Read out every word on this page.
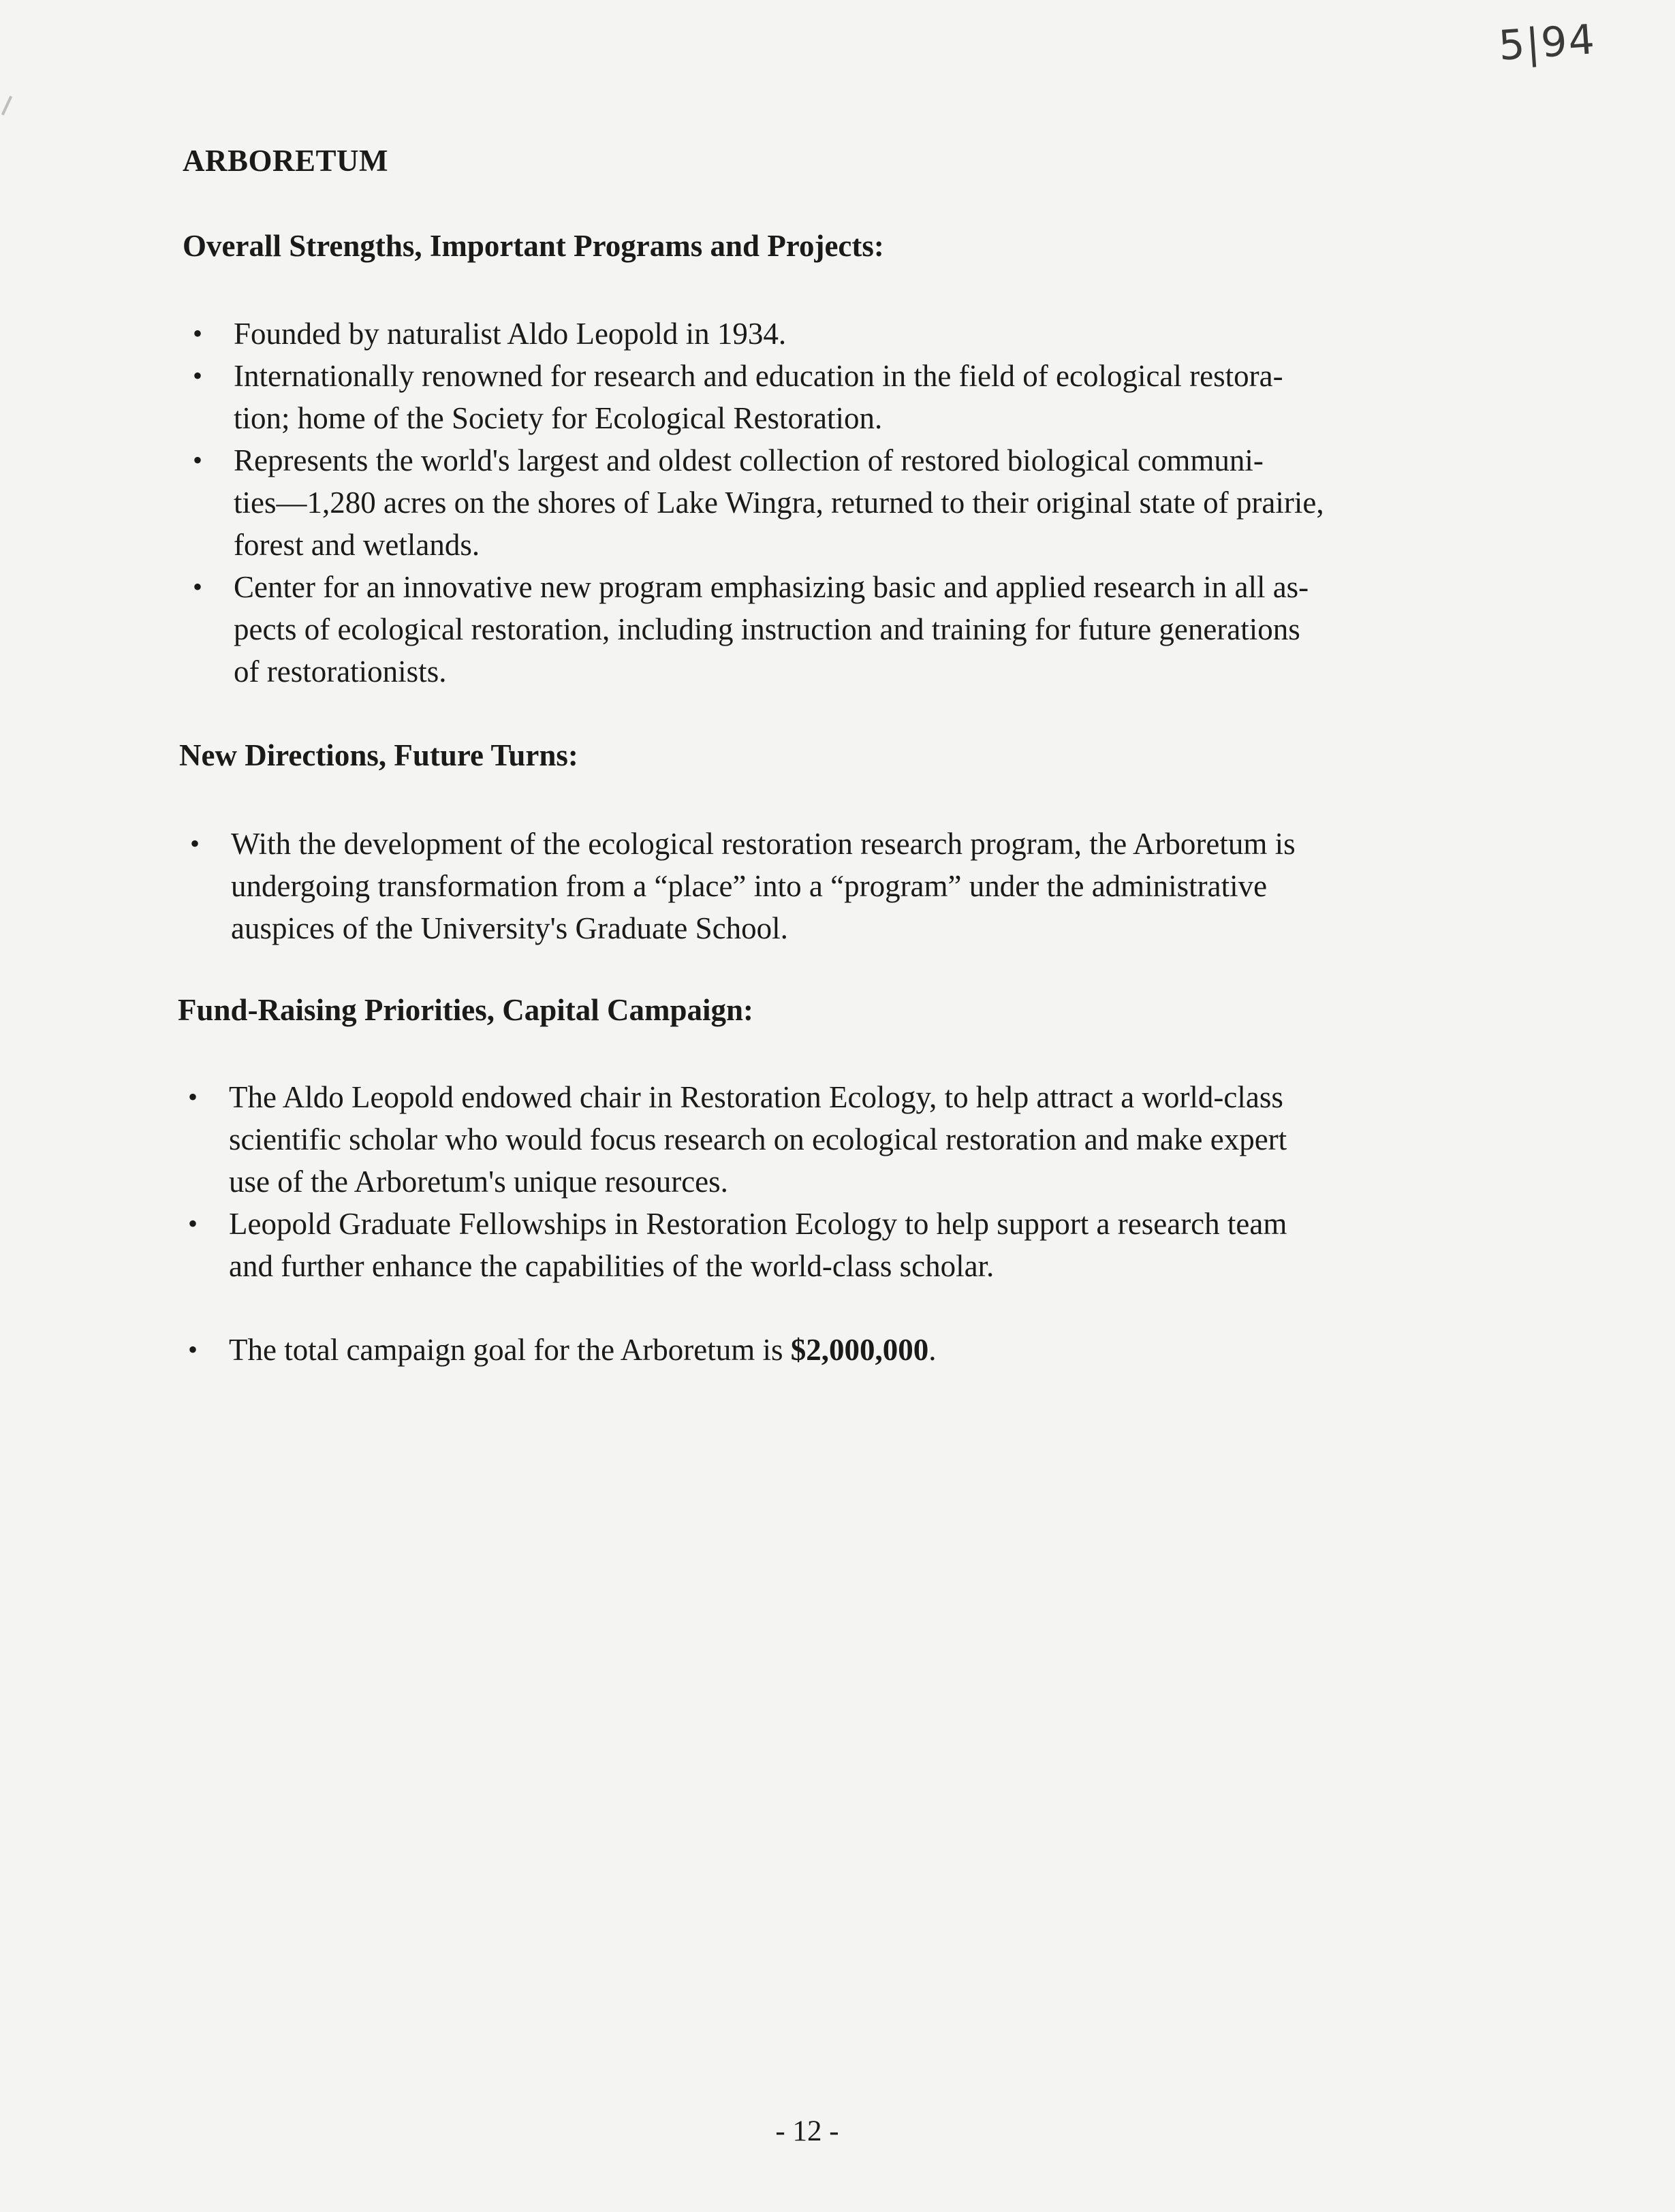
5|94
ARBORETUM
Overall Strengths, Important Programs and Projects:
• Founded by naturalist Aldo Leopold in 1934.
• Internationally renowned for research and education in the field of ecological restora-
tion; home of the Society for Ecological Restoration.
• Represents the world's largest and oldest collection of restored biological communi-
ties—1,280 acres on the shores of Lake Wingra, returned to their original state of prairie,
forest and wetlands.
• Center for an innovative new program emphasizing basic and applied research in all as-
pects of ecological restoration, including instruction and training for future generations
of restorationists.
New Directions, Future Turns:
• With the development of the ecological restoration research program, the Arboretum is
undergoing transformation from a “place” into a “program” under the administrative
auspices of the University's Graduate School.
Fund-Raising Priorities, Capital Campaign:
• The Aldo Leopold endowed chair in Restoration Ecology, to help attract a world-class
scientific scholar who would focus research on ecological restoration and make expert
use of the Arboretum's unique resources.
• Leopold Graduate Fellowships in Restoration Ecology to help support a research team
and further enhance the capabilities of the world-class scholar.
• The total campaign goal for the Arboretum is $2,000,000.
- 12 -
